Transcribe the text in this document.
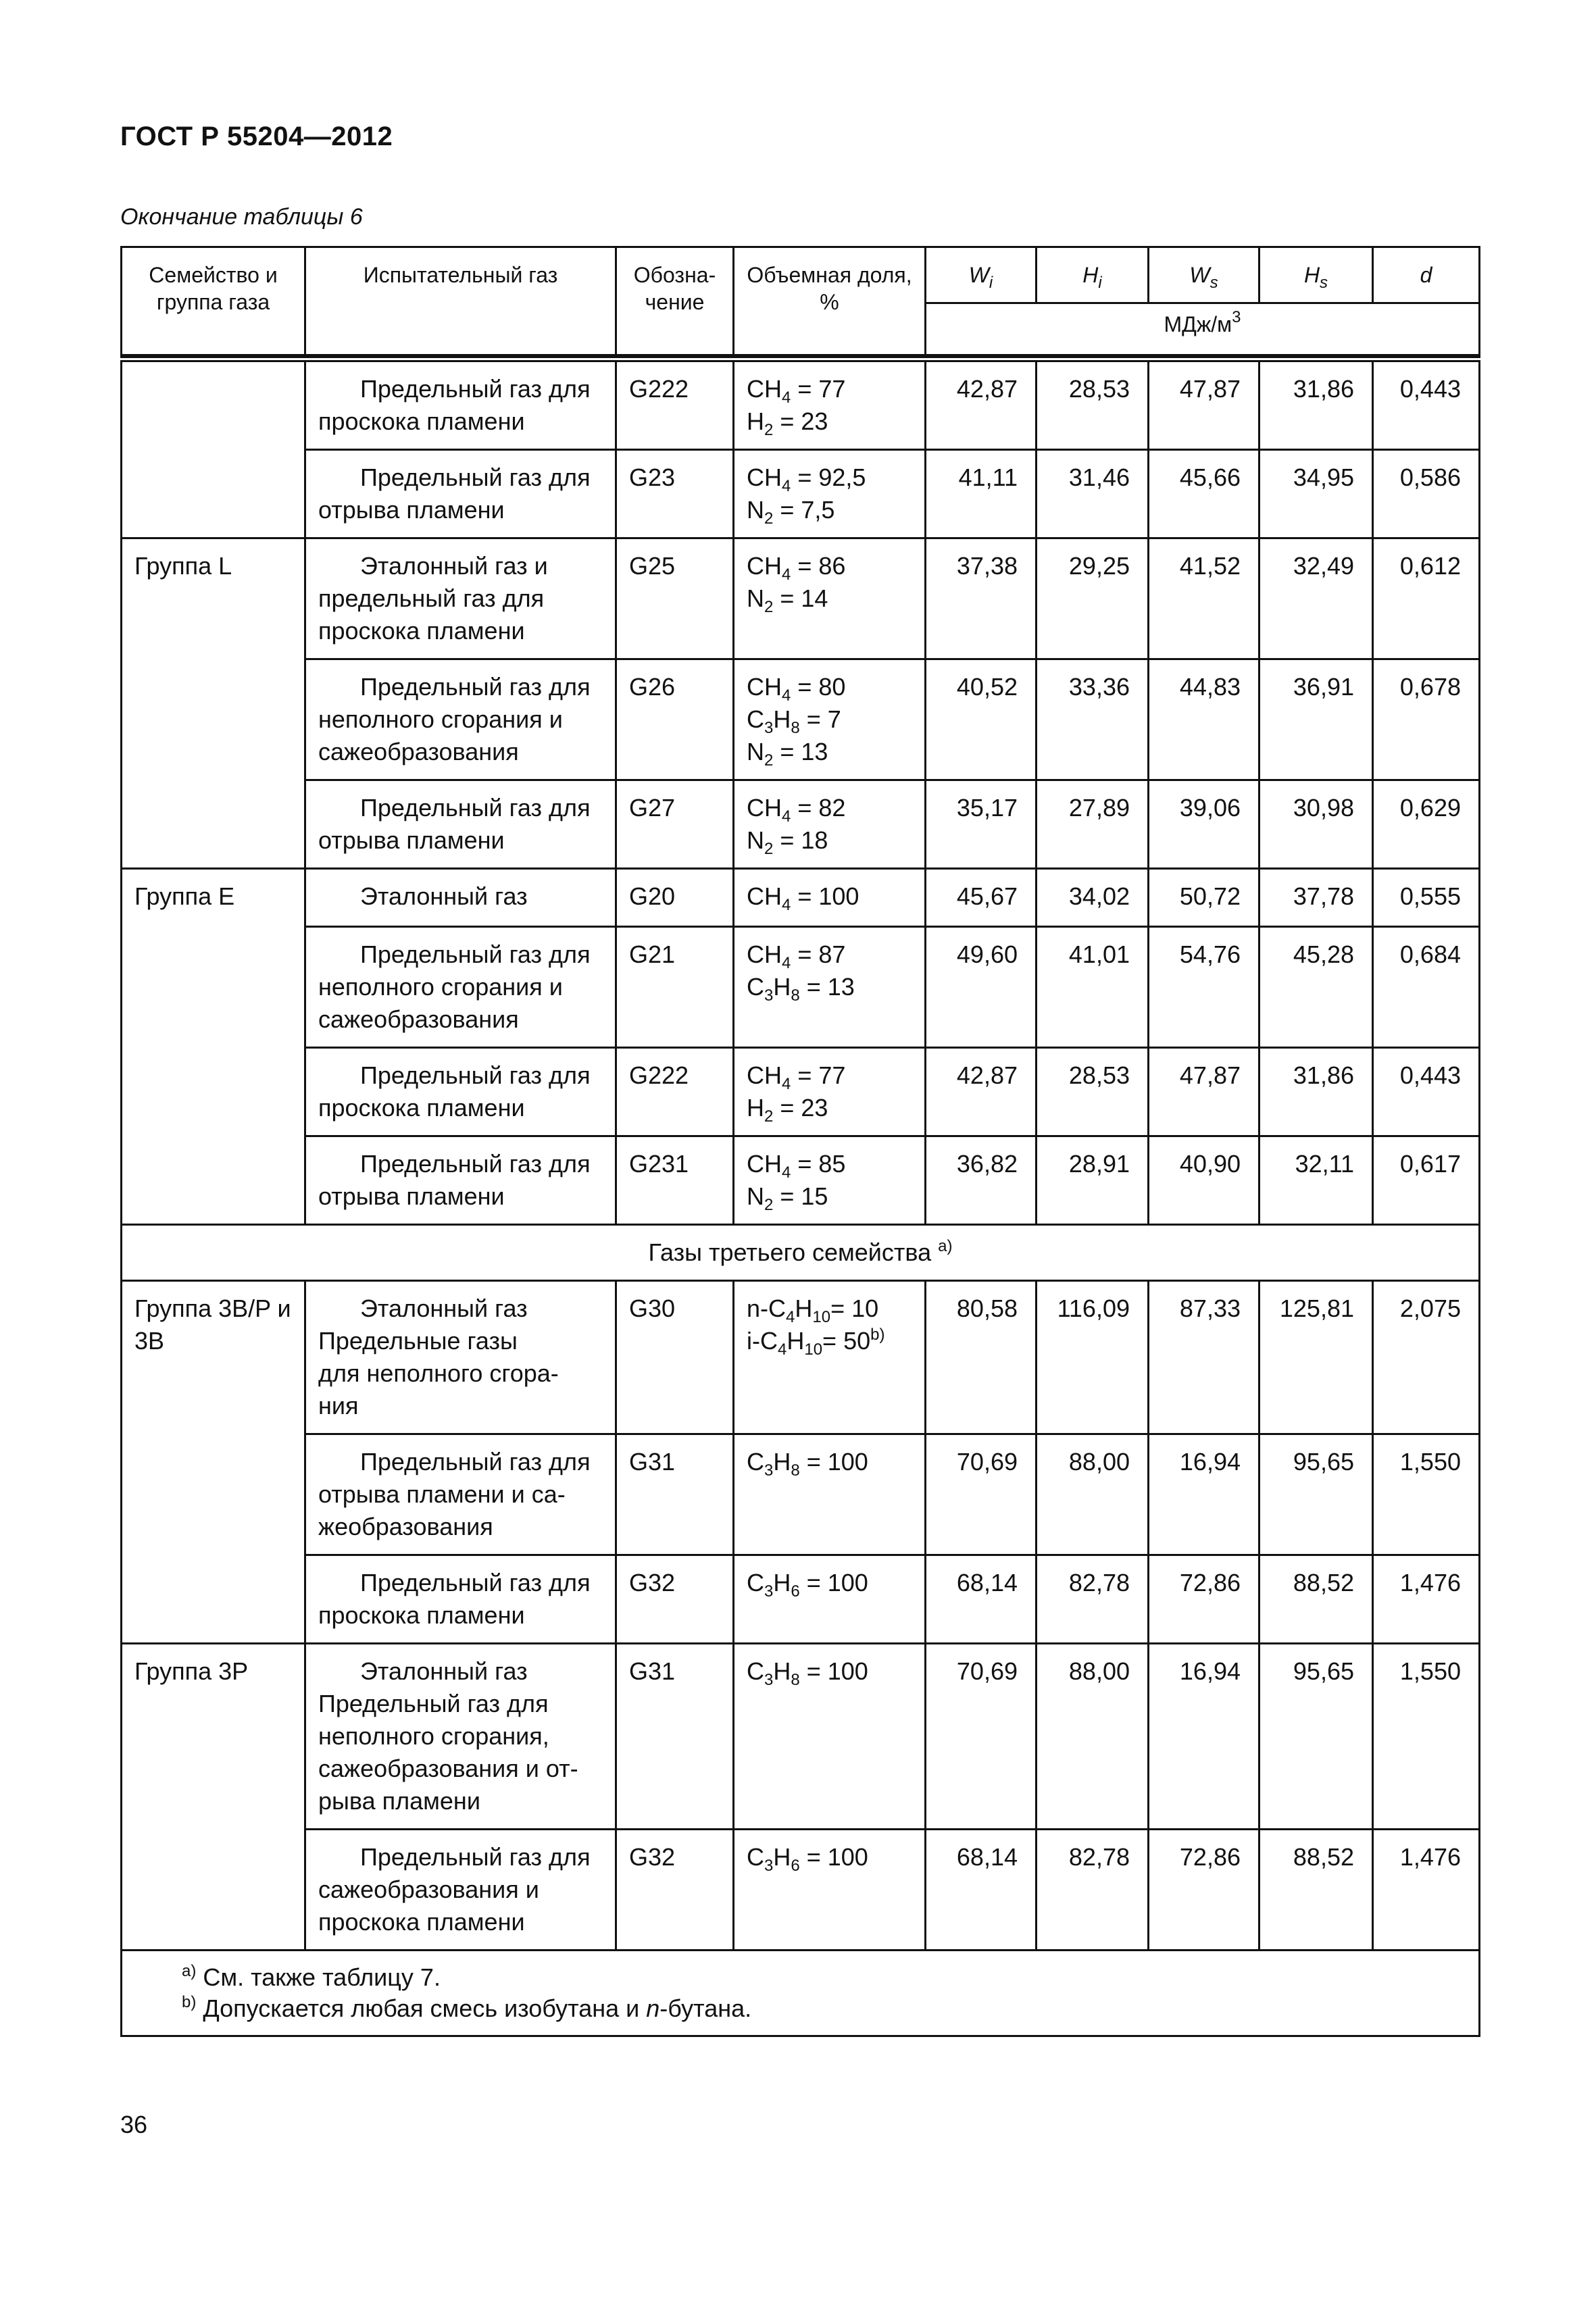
ГОСТ Р 55204—2012
Окончание таблицы 6
Семейство и группа газа	Испытательный газ	Обозна-чение	Объемная доля, %	$W_i$	$H_i$	$W_s$	$H_s$	d
				МДж/$м^3$

	Предельный газ для
проскока пламени	G222	$CH_4 = 77$
$H_2 = 23$	42,87	28,53	47,87	31,86	0,443

	Предельный газ для
отрыва пламени	G23	$CH_4 = 92,5$
$N_2 = 7,5$	41,11	31,46	45,66	34,95	0,586
Группа L	Эталонный газ и
предельный газ для
проскока пламени	G25	$CH_4 = 86$
$N_2 = 14$	37,38	29,25	41,52	32,49	0,612

	Предельный газ для
неполного сгорания и
сажеобразования	G26	$CH_4 = 80$
$C_3H_8 = 7$
$N_2 = 13$	40,52	33,36	44,83	36,91	0,678

	Предельный газ для
отрыва пламени	G27	$CH_4 = 82$
$N_2 = 18$	35,17	27,89	39,06	30,98	0,629
Группа E	Эталонный газ	G20	$CH_4 = 100$	45,67	34,02	50,72	37,78	0,555

	Предельный газ для
неполного сгорания и
сажеобразования	G21	$CH_4 = 87$
$C_3H_8 = 13$	49,60	41,01	54,76	45,28	0,684

	Предельный газ для
проскока пламени	G222	$CH_4 = 77$
$H_2 = 23$	42,87	28,53	47,87	31,86	0,443

	Предельный газ для
отрыва пламени	G231	$CH_4 = 85$
$N_2 = 15$	36,82	28,91	40,90	32,11	0,617
Газы третьего семейства $^{a)}$
Группа 3B/P и 3B	Эталонный газ
Предельные газы
для неполного сгора-
ния	G30	$n-C_4H_{10}= 10$
$i-C_4H_{10}= 50^{b)}$	80,58	116,09	87,33	125,81	2,075

	Предельный газ для
отрыва пламени и са-
жеобразования	G31	$C_3H_8 = 100$	70,69	88,00	16,94	95,65	1,550

	Предельный газ для
проскока пламени	G32	$C_3H_6 = 100$	68,14	82,78	72,86	88,52	1,476
Группа 3P	Эталонный газ
Предельный газ для
неполного сгорания,
сажеобразования и от-
рыва пламени	G31	$C_3H_8 = 100$	70,69	88,00	16,94	95,65	1,550

	Предельный газ для
сажеобразования и
проскока пламени	G32	$C_3H_6 = 100$	68,14	82,78	72,86	88,52	1,476

$^{a)}$ См. также таблицу 7.
$^{b)}$ Допускается любая смесь изобутана и n-бутана.								
36
